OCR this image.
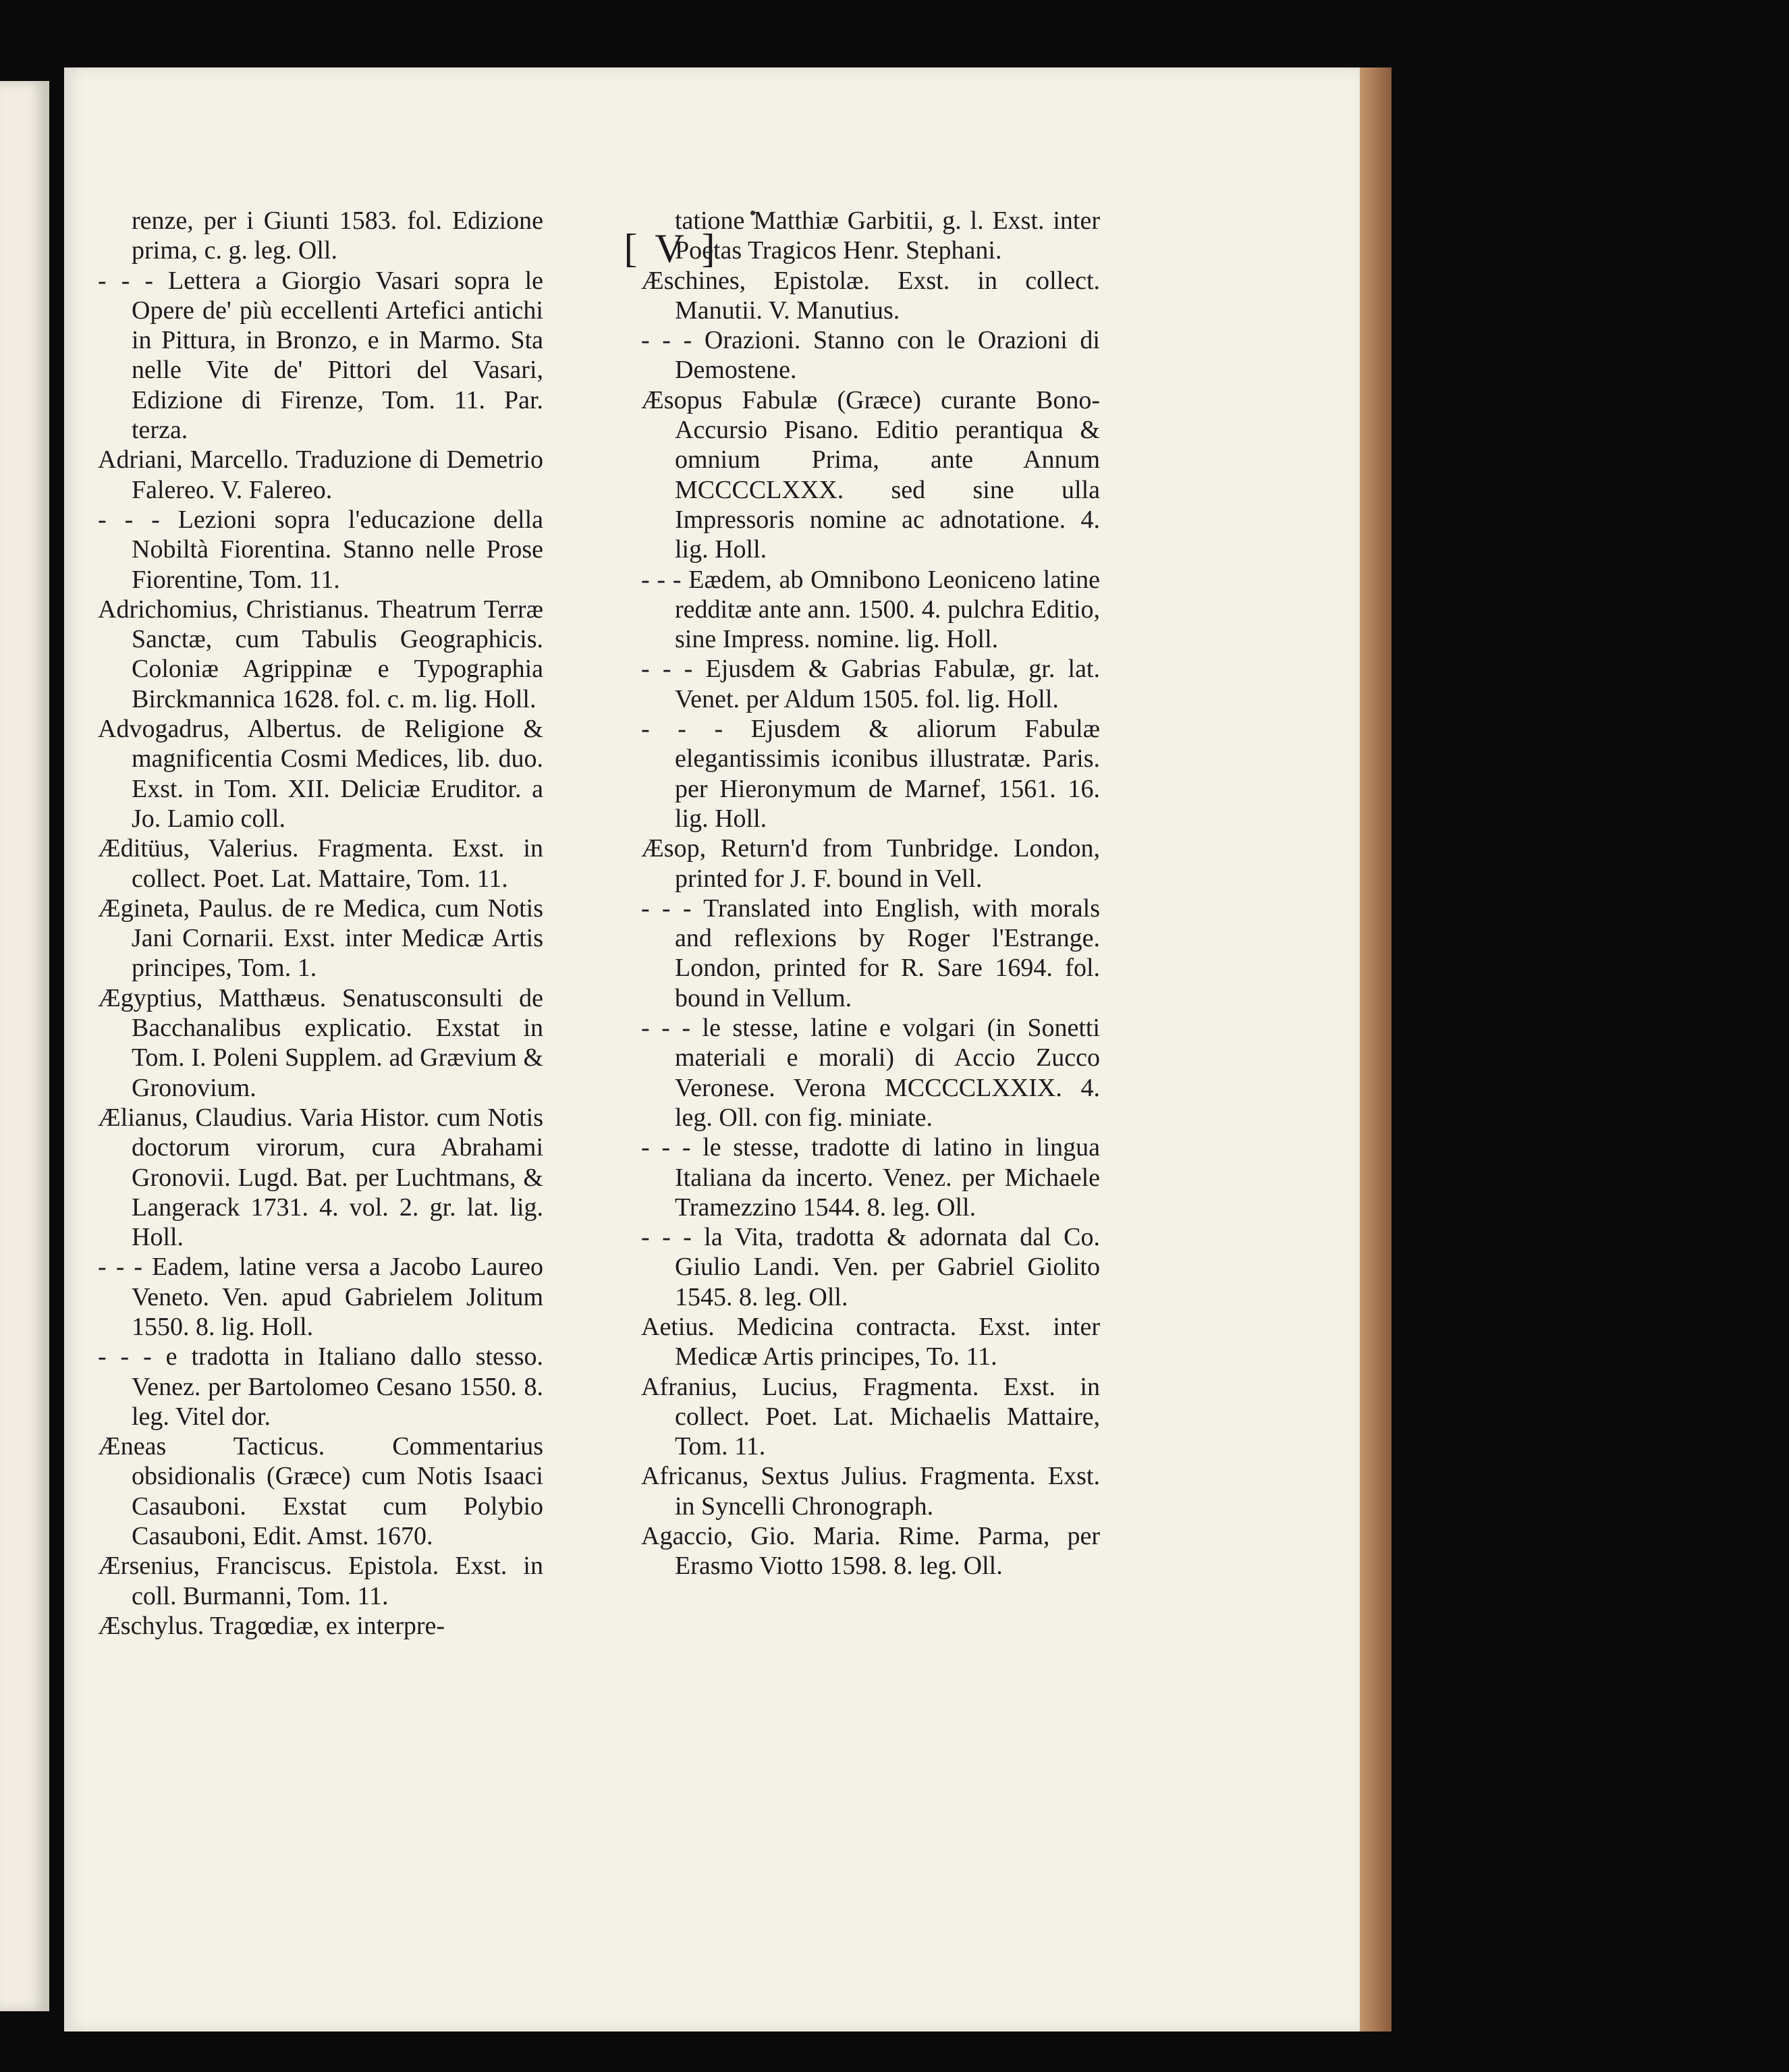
[ V ]

renze, per i Giunti 1583. fol. Edizione prima, c. g. leg. Oll.

- - - Lettera a Giorgio Vasari sopra le Opere de' più eccellenti Artefici antichi in Pittura, in Bronzo, e in Marmo. Sta nelle Vite de' Pittori del Vasari, Edizione di Firenze, Tom. 11. Par. terza.

Adriani, Marcello. Traduzione di Demetrio Falereo. V. Falereo.

- - - Lezioni sopra l'educazione della Nobiltà Fiorentina. Stanno nelle Prose Fiorentine, Tom. 11.

Adrichomius, Christianus. Theatrum Terræ Sanctæ, cum Tabulis Geographicis. Coloniæ Agrippinæ e Typographia Birckmannica 1628. fol. c. m. lig. Holl.

Advogadrus, Albertus. de Religione & magnificentia Cosmi Medices, lib. duo. Exst. in Tom. XII. Deliciæ Eruditor. a Jo. Lamio coll.

Æditüus, Valerius. Fragmenta. Exst. in collect. Poet. Lat. Mattaire, Tom. 11.

Ægineta, Paulus. de re Medica, cum Notis Jani Cornarii. Exst. inter Medicæ Artis principes, Tom. 1.

Ægyptius, Matthæus. Senatusconsulti de Bacchanalibus explicatio. Exstat in Tom. I. Poleni Supplem. ad Grævium & Gronovium.

Ælianus, Claudius. Varia Histor. cum Notis doctorum virorum, cura Abrahami Gronovii. Lugd. Bat. per Luchtmans, & Langerack 1731. 4. vol. 2. gr. lat. lig. Holl.

- - - Eadem, latine versa a Jacobo Laureo Veneto. Ven. apud Gabrielem Jolitum 1550. 8. lig. Holl.

- - - e tradotta in Italiano dallo stesso. Venez. per Bartolomeo Cesano 1550. 8. leg. Vitel dor.

Æneas Tacticus. Commentarius obsidionalis (Græce) cum Notis Isaaci Casauboni. Exstat cum Polybio Casauboni, Edit. Amst. 1670.

Ærsenius, Franciscus. Epistola. Exst. in coll. Burmanni, Tom. 11.

Æschylus. Tragœdiæ, ex interpre-

tatione Matthiæ Garbitii, g. l. Exst. inter Poetas Tragicos Henr. Stephani.

Æschines, Epistolæ. Exst. in collect. Manutii. V. Manutius.

- - - Orazioni. Stanno con le Orazioni di Demostene.

Æsopus Fabulæ (Græce) curante Bono-Accursio Pisano. Editio perantiqua & omnium Prima, ante Annum MCCCCLXXX. sed sine ulla Impressoris nomine ac adnotatione. 4. lig. Holl.

- - - Eædem, ab Omnibono Leoniceno latine redditæ ante ann. 1500. 4. pulchra Editio, sine Impress. nomine. lig. Holl.

- - - Ejusdem & Gabrias Fabulæ, gr. lat. Venet. per Aldum 1505. fol. lig. Holl.

- - - Ejusdem & aliorum Fabulæ elegantissimis iconibus illustratæ. Paris. per Hieronymum de Marnef, 1561. 16. lig. Holl.

Æsop, Return'd from Tunbridge. London, printed for J. F. bound in Vell.

- - - Translated into English, with morals and reflexions by Roger l'Estrange. London, printed for R. Sare 1694. fol. bound in Vellum.

- - - le stesse, latine e volgari (in Sonetti materiali e morali) di Accio Zucco Veronese. Verona MCCCCLXXIX. 4. leg. Oll. con fig. miniate.

- - - le stesse, tradotte di latino in lingua Italiana da incerto. Venez. per Michaele Tramezzino 1544. 8. leg. Oll.

- - - la Vita, tradotta & adornata dal Co. Giulio Landi. Ven. per Gabriel Giolito 1545. 8. leg. Oll.

Aetius. Medicina contracta. Exst. inter Medicæ Artis principes, To. 11.

Afranius, Lucius, Fragmenta. Exst. in collect. Poet. Lat. Michaelis Mattaire, Tom. 11.

Africanus, Sextus Julius. Fragmenta. Exst. in Syncelli Chronograph.

Agaccio, Gio. Maria. Rime. Parma, per Erasmo Viotto 1598. 8. leg. Oll.
